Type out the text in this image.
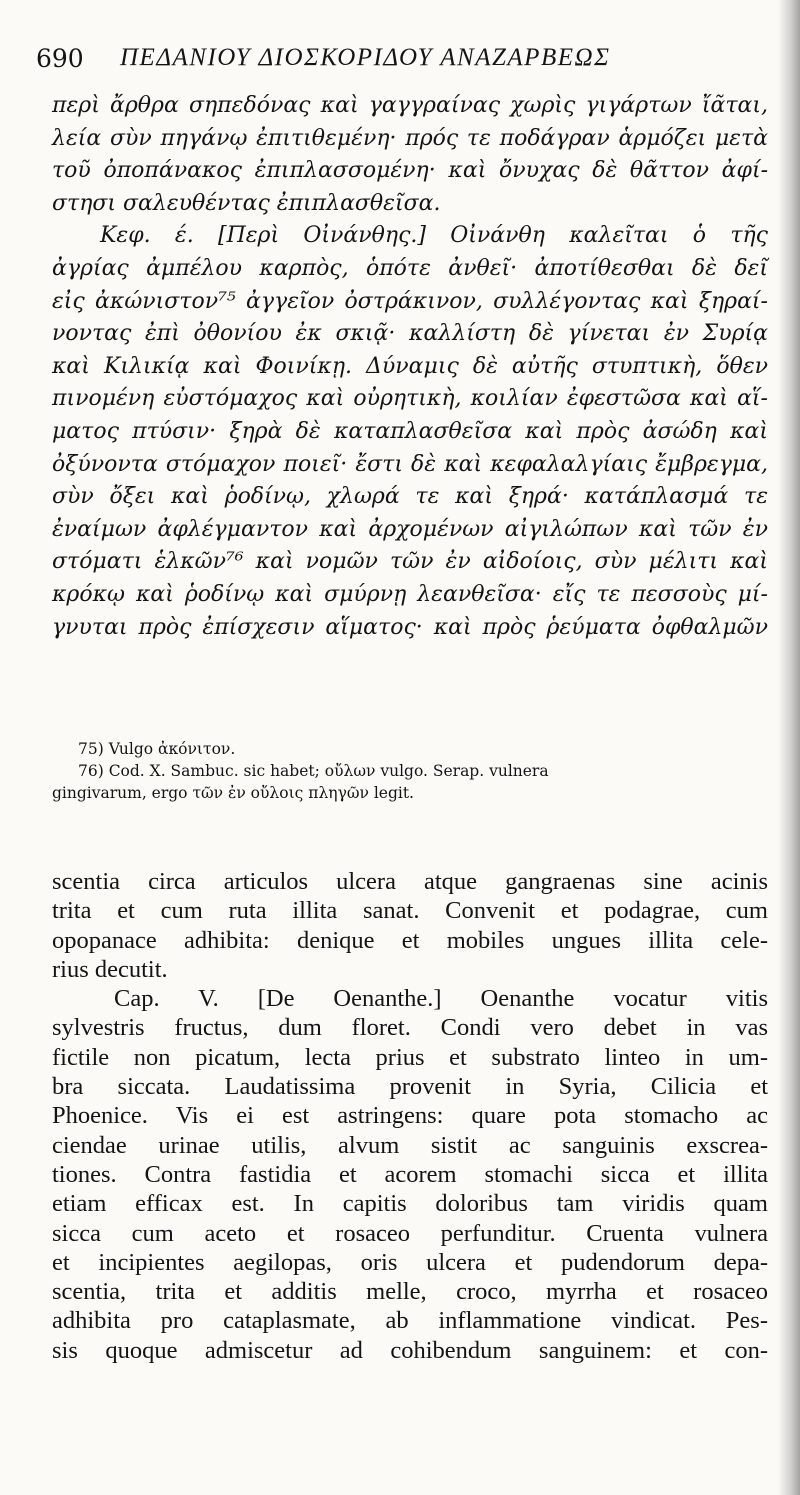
690 ΠΕΔΑΝΙΟΥ ΔΙΟΣΚΟΡΙΔΟΥ ΑΝΑΖΑΡΒΕΩΣ
περὶ ἄρθρα σηπεδόνας καὶ γαγγραίνας χωρὶς γιγάρτων ἴᾶται,
λεία σὺν πηγάνῳ ἐπιτιθεμένη· πρός τε ποδάγραν ἁρμόζει μετὰ
τοῦ ὀποπάνακος ἐπιπλασσομένη· καὶ ὄνυχας δὲ θᾶττον ἀφί-
στησι σαλευθέντας ἐπιπλασθεῖσα.
Κεφ. έ. [Περὶ Οἰνάνθης.] Οἰνάνθη καλεῖται ὁ τῆς
ἀγρίας ἀμπέλου καρπὸς, ὁπότε ἀνθεῖ· ἀποτίθεσθαι δὲ δεῖ
εἰς ἀκώνιστον⁷⁵ ἀγγεῖον ὀστράκινον, συλλέγοντας καὶ ξηραί-
νοντας ἐπὶ ὀθονίου ἐκ σκιᾷ· καλλίστη δὲ γίνεται ἐν Συρίᾳ
καὶ Κιλικίᾳ καὶ Φοινίκῃ. Δύναμις δὲ αὐτῆς στυπτικὴ, ὅθεν
πινομένη εὐστόμαχος καὶ οὐρητικὴ, κοιλίαν ἐφεστῶσα καὶ αἵ-
ματος πτύσιν· ξηρὰ δὲ καταπλασθεῖσα καὶ πρὸς ἀσώδη καὶ
ὀξύνοντα στόμαχον ποιεῖ· ἔστι δὲ καὶ κεφαλαλγίαις ἔμβρεγμα,
σὺν ὄξει καὶ ῥοδίνῳ, χλωρά τε καὶ ξηρά· κατάπλασμά τε
ἐναίμων ἀφλέγμαντον καὶ ἀρχομένων αἰγιλώπων καὶ τῶν ἐν
στόματι ἑλκῶν⁷⁶ καὶ νομῶν τῶν ἐν αἰδοίοις, σὺν μέλιτι καὶ
κρόκῳ καὶ ῥοδίνῳ καὶ σμύρνῃ λεανθεῖσα· εἴς τε πεσσοὺς μί-
γνυται πρὸς ἐπίσχεσιν αἵματος· καὶ πρὸς ῥεύματα ὀφθαλμῶν
75) Vulgo ἀκόνιτον.
76) Cod. X. Sambuc. sic habet; οὔλων vulgo. Serap. vulnera
gingivarum, ergo τῶν ἐν οὔλοις πληγῶν legit.
scentia circa articulos ulcera atque gangraenas sine acinis
trita et cum ruta illita sanat. Convenit et podagrae, cum
opopanace adhibita: denique et mobiles ungues illita cele-
rius decutit.
Cap. V. [De Oenanthe.] Oenanthe vocatur vitis
sylvestris fructus, dum floret. Condi vero debet in vas
fictile non picatum, lecta prius et substrato linteo in um-
bra siccata. Laudatissima provenit in Syria, Cilicia et
Phoenice. Vis ei est astringens: quare pota stomacho ac
ciendae urinae utilis, alvum sistit ac sanguinis exscrea-
tiones. Contra fastidia et acorem stomachi sicca et illita
etiam efficax est. In capitis doloribus tam viridis quam
sicca cum aceto et rosaceo perfunditur. Cruenta vulnera
et incipientes aegilopas, oris ulcera et pudendorum depa-
scentia, trita et additis melle, croco, myrrha et rosaceo
adhibita pro cataplasmate, ab inflammatione vindicat. Pes-
sis quoque admiscetur ad cohibendum sanguinem: et con-
